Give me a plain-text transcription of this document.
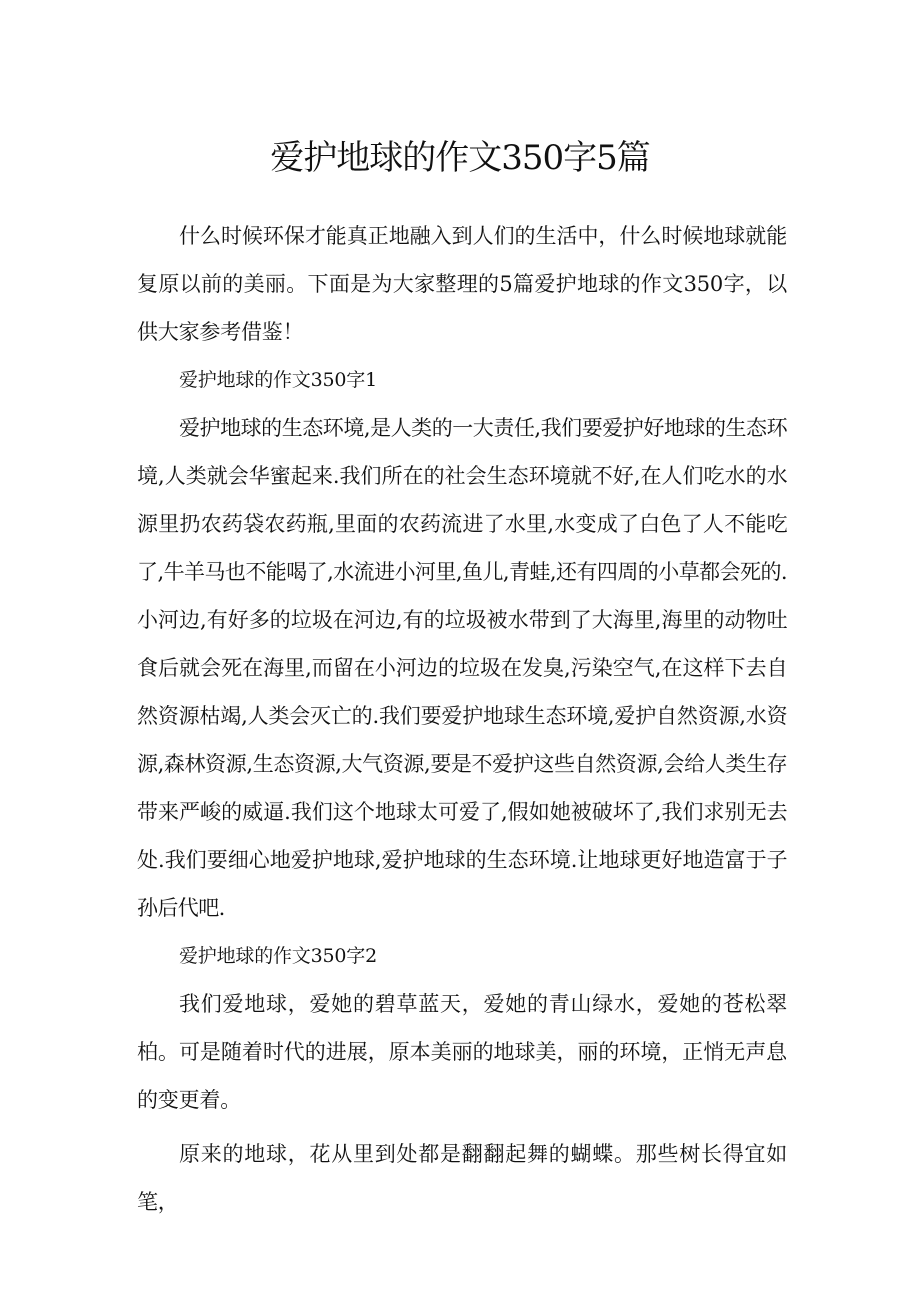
爱护地球的作文350字5篇

什么时候环保才能真正地融入到人们的生活中，什么时候地球就能复原以前的美丽。下面是为大家整理的5篇爱护地球的作文350字，以供大家参考借鉴！

爱护地球的作文350字1

爱护地球的生态环境,是人类的一大责任,我们要爱护好地球的生态环境,人类就会华蜜起来.我们所在的社会生态环境就不好,在人们吃水的水源里扔农药袋农药瓶,里面的农药流进了水里,水变成了白色了人不能吃了,牛羊马也不能喝了,水流进小河里,鱼儿,青蛙,还有四周的小草都会死的.小河边,有好多的垃圾在河边,有的垃圾被水带到了大海里,海里的动物吐食后就会死在海里,而留在小河边的垃圾在发臭,污染空气,在这样下去自然资源枯竭,人类会灭亡的.我们要爱护地球生态环境,爱护自然资源,水资源,森林资源,生态资源,大气资源,要是不爱护这些自然资源,会给人类生存带来严峻的威逼.我们这个地球太可爱了,假如她被破坏了,我们求别无去处.我们要细心地爱护地球,爱护地球的生态环境.让地球更好地造富于子孙后代吧.

爱护地球的作文350字2

我们爱地球，爱她的碧草蓝天，爱她的青山绿水，爱她的苍松翠柏。可是随着时代的进展，原本美丽的地球美，丽的环境，正悄无声息的变更着。

原来的地球，花从里到处都是翻翻起舞的蝴蝶。那些树长得宜如笔，
